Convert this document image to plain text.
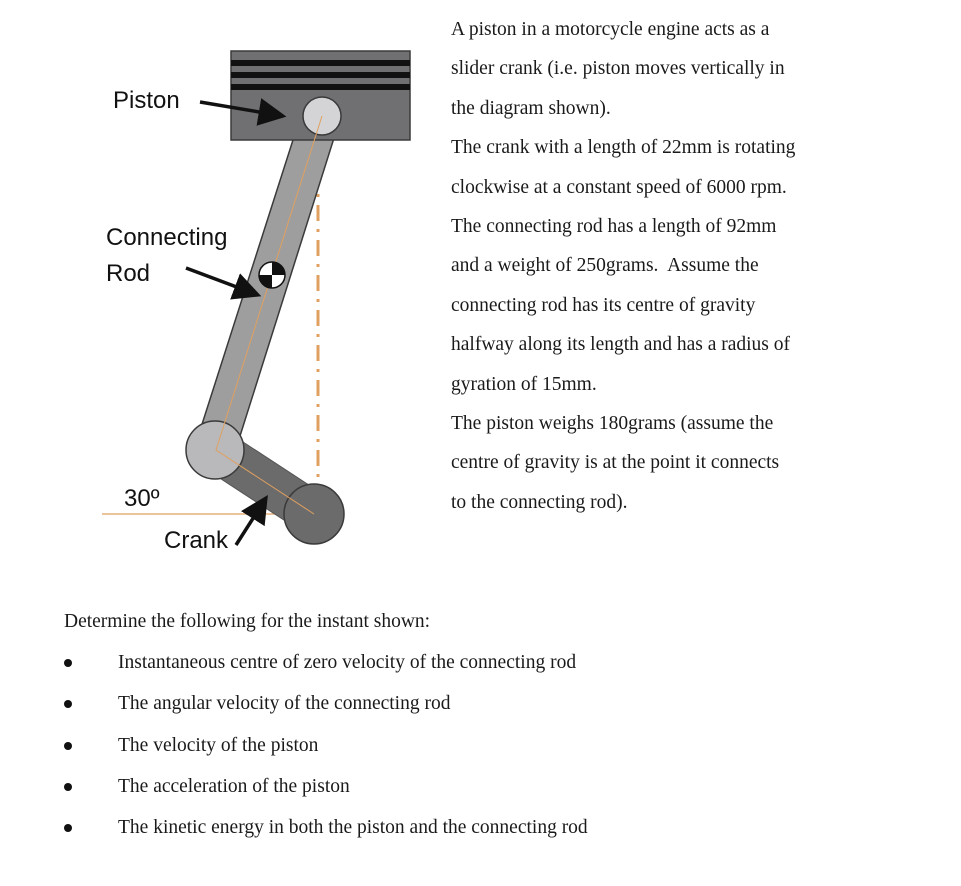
Piston
Connecting
Rod
30º
Crank

A piston in a motorcycle engine acts as a

slider crank (i.e. piston moves vertically in

the diagram shown).

The crank with a length of 22mm is rotating

clockwise at a constant speed of 6000 rpm.

The connecting rod has a length of 92mm

and a weight of 250grams.  Assume the

connecting rod has its centre of gravity

halfway along its length and has a radius of

gyration of 15mm.

The piston weighs 180grams (assume the

centre of gravity is at the point it connects

to the connecting rod).

Determine the following for the instant shown:
Instantaneous centre of zero velocity of the connecting rod
The angular velocity of the connecting rod
The velocity of the piston
The acceleration of the piston
The kinetic energy in both the piston and the connecting rod
